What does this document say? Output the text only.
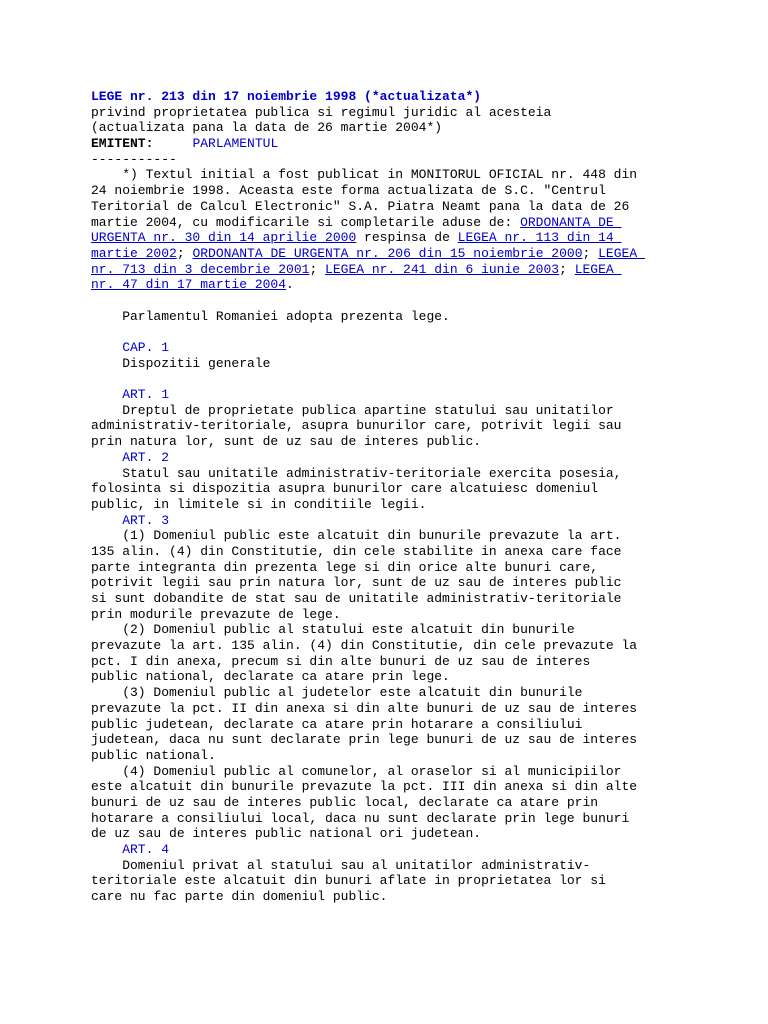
LEGE nr. 213 din 17 noiembrie 1998 (*actualizata*)
privind proprietatea publica si regimul juridic al acesteia
(actualizata pana la data de 26 martie 2004*)
EMITENT:	PARLAMENTUL
-----------
*) Textul initial a fost publicat in MONITORUL OFICIAL nr. 448 din
24 noiembrie 1998. Aceasta este forma actualizata de S.C. "Centrul
Teritorial de Calcul Electronic" S.A. Piatra Neamt pana la data de 26
martie 2004, cu modificarile si completarile aduse de: ORDONANTA DE
URGENTA nr. 30 din 14 aprilie 2000 respinsa de LEGEA nr. 113 din 14
martie 2002; ORDONANTA DE URGENTA nr. 206 din 15 noiembrie 2000; LEGEA
nr. 713 din 3 decembrie 2001; LEGEA nr. 241 din 6 iunie 2003; LEGEA
nr. 47 din 17 martie 2004.
Parlamentul Romaniei adopta prezenta lege.
CAP. 1
Dispozitii generale
ART. 1
Dreptul de proprietate publica apartine statului sau unitatilor
administrativ-teritoriale, asupra bunurilor care, potrivit legii sau
prin natura lor, sunt de uz sau de interes public.
ART. 2
Statul sau unitatile administrativ-teritoriale exercita posesia,
folosinta si dispozitia asupra bunurilor care alcatuiesc domeniul
public, in limitele si in conditiile legii.
ART. 3
(1) Domeniul public este alcatuit din bunurile prevazute la art.
135 alin. (4) din Constitutie, din cele stabilite in anexa care face
parte integranta din prezenta lege si din orice alte bunuri care,
potrivit legii sau prin natura lor, sunt de uz sau de interes public
si sunt dobandite de stat sau de unitatile administrativ-teritoriale
prin modurile prevazute de lege.
(2) Domeniul public al statului este alcatuit din bunurile
prevazute la art. 135 alin. (4) din Constitutie, din cele prevazute la
pct. I din anexa, precum si din alte bunuri de uz sau de interes
public national, declarate ca atare prin lege.
(3) Domeniul public al judetelor este alcatuit din bunurile
prevazute la pct. II din anexa si din alte bunuri de uz sau de interes
public judetean, declarate ca atare prin hotarare a consiliului
judetean, daca nu sunt declarate prin lege bunuri de uz sau de interes
public national.
(4) Domeniul public al comunelor, al oraselor si al municipiilor
este alcatuit din bunurile prevazute la pct. III din anexa si din alte
bunuri de uz sau de interes public local, declarate ca atare prin
hotarare a consiliului local, daca nu sunt declarate prin lege bunuri
de uz sau de interes public national ori judetean.
ART. 4
Domeniul privat al statului sau al unitatilor administrativ-
teritoriale este alcatuit din bunuri aflate in proprietatea lor si
care nu fac parte din domeniul public.
